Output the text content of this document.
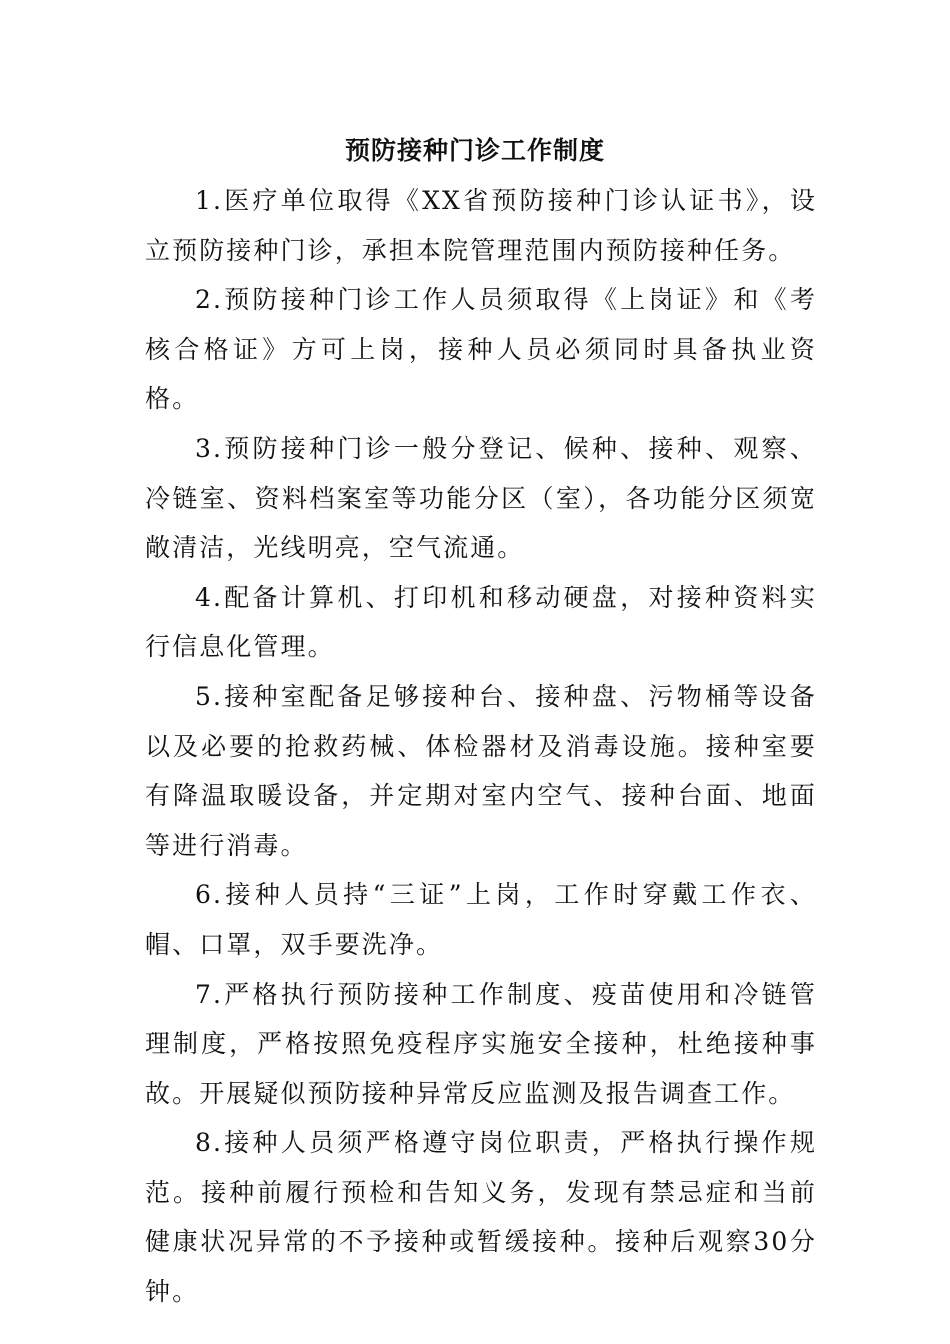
预防接种门诊工作制度

1.医疗单位取得《XX省预防接种门诊认证书》，设立预防接种门诊，承担本院管理范围内预防接种任务。

2.预防接种门诊工作人员须取得《上岗证》和《考核合格证》方可上岗，接种人员必须同时具备执业资格。

3.预防接种门诊一般分登记、候种、接种、观察、冷链室、资料档案室等功能分区（室），各功能分区须宽敞清洁，光线明亮，空气流通。

4.配备计算机、打印机和移动硬盘，对接种资料实行信息化管理。

5.接种室配备足够接种台、接种盘、污物桶等设备以及必要的抢救药械、体检器材及消毒设施。接种室要有降温取暖设备，并定期对室内空气、接种台面、地面等进行消毒。

6.接种人员持“三证”上岗，工作时穿戴工作衣、帽、口罩，双手要洗净。

7.严格执行预防接种工作制度、疫苗使用和冷链管理制度，严格按照免疫程序实施安全接种，杜绝接种事故。开展疑似预防接种异常反应监测及报告调查工作。

8.接种人员须严格遵守岗位职责，严格执行操作规范。接种前履行预检和告知义务，发现有禁忌症和当前健康状况异常的不予接种或暂缓接种。接种后观察30分钟。
